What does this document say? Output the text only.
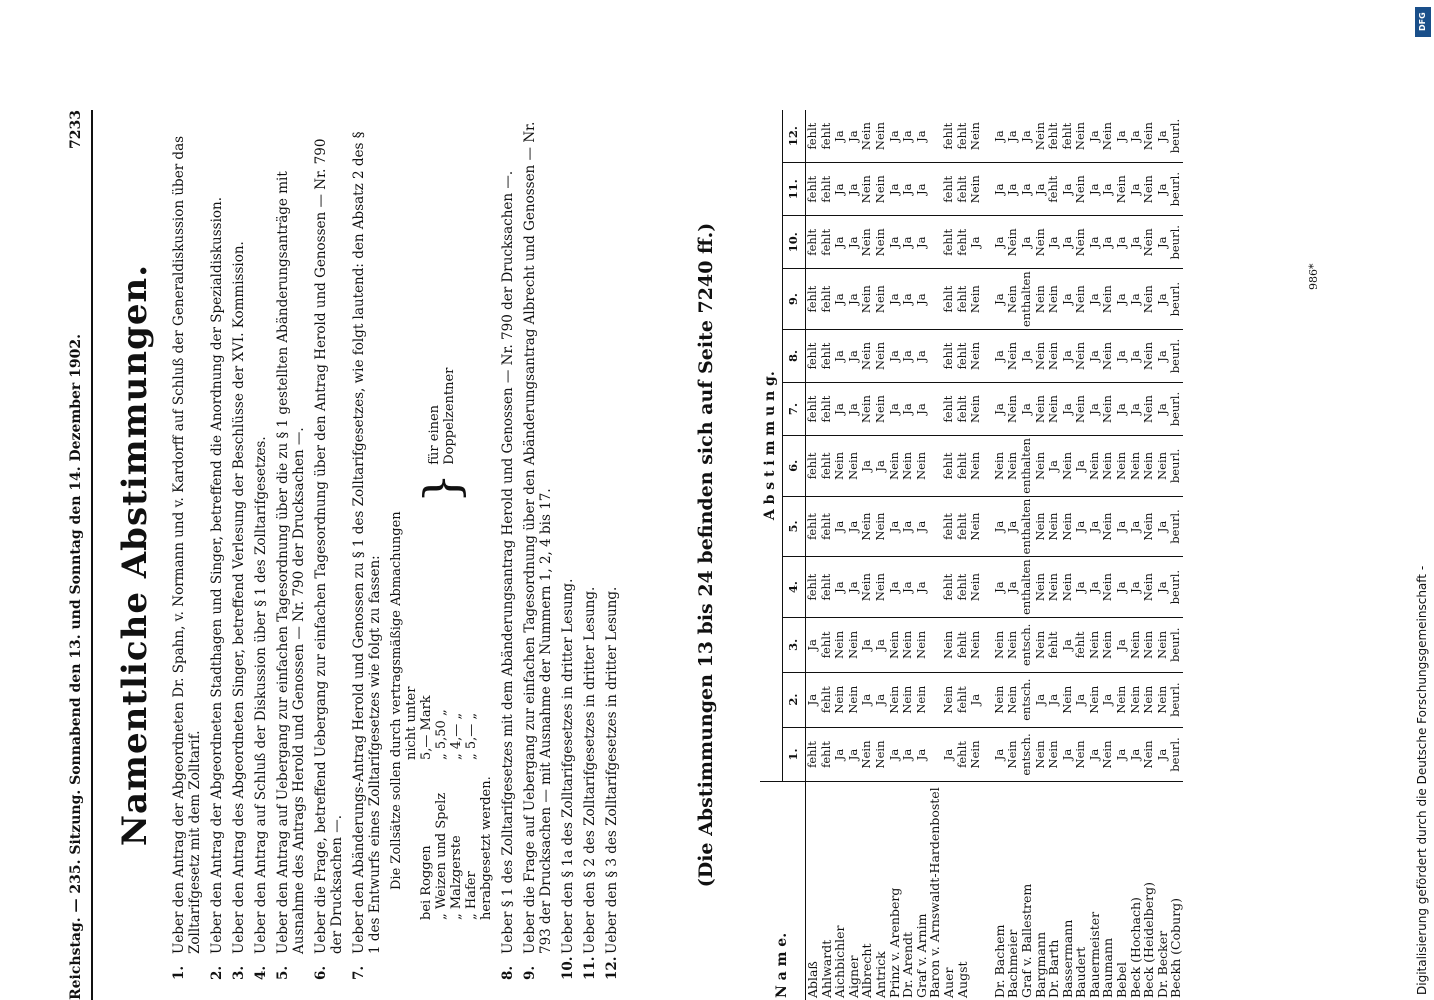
Reichstag. — 235. Sitzung. Sonnabend den 13. und Sonntag den 14. Dezember 1902.
7233
Namentliche Abstimmungen.
1.
Ueber den Antrag der Abgeordneten Dr. Spahn, v. Normann und v. Kardorff auf Schluß der Generaldiskussion über das Zolltarifgesetz mit dem Zolltarif.
2.
Ueber den Antrag der Abgeordneten Stadthagen und Singer, betreffend die Anordnung der Spezialdiskussion.
3.
Ueber den Antrag des Abgeordneten Singer, betreffend Verlesung der Beschlüsse der XVI. Kommission.
4.
Ueber den Antrag auf Schluß der Diskussion über § 1 des Zolltarifgesetzes.
5.
Ueber den Antrag auf Uebergang zur einfachen Tagesordnung über die zu § 1 gestellten Abänderungsanträge mit Ausnahme des Antrags Herold und Genossen — Nr. 790 der Drucksachen —.
6.
Ueber die Frage, betreffend Uebergang zur einfachen Tagesordnung über den Antrag Herold und Genossen — Nr. 790 der Drucksachen —.
7.
Ueber den Abänderungs-Antrag Herold und Genossen zu § 1 des Zolltarifgesetzes, wie folgt lautend: den Absatz 2 des § 1 des Entwurfs eines Zolltarifgesetzes wie folgt zu fassen: Die Zollsätze sollen durch vertragsmäßige Abmachungen nicht unter
bei Roggen
5,— Mark
„ Weizen und Spelz
„ 5,50 „
„ Malzgerste
„ 4,— „
„ Hafer
„ 5,— „
herabgesetzt werden.
}
für einen Doppelzentner
8.
Ueber § 1 des Zolltarifgesetzes mit dem Abänderungsantrag Herold und Genossen — Nr. 790 der Drucksachen —.
9.
Ueber die Frage auf Uebergang zur einfachen Tagesordnung über den Abänderungsantrag Albrecht und Genossen — Nr. 793 der Drucksachen — mit Ausnahme der Nummern 1, 2, 4 bis 17.
10.
Ueber den § 1a des Zolltarifgesetzes in dritter Lesung.
11.
Ueber den § 2 des Zolltarifgesetzes in dritter Lesung.
12.
Ueber den § 3 des Zolltarifgesetzes in dritter Lesung.	(Die Abstimmungen 13 bis 24 befinden sich auf Seite 7240 ff.)
N a m e.	A b s t i m m u n g.											
	1.	2.	3.	4.	5.	6.	7.	8.	9.	10.	11.	12.
Ablaß	fehlt	Ja	Ja	fehlt	fehlt	fehlt	fehlt	fehlt	fehlt	fehlt	fehlt	fehlt
Ahlwardt	fehlt	fehlt	fehlt	fehlt	fehlt	fehlt	fehlt	fehlt	fehlt	fehlt	fehlt	fehlt
Aichbichler	Ja	Nein	Nein	Ja	Ja	Nein	Ja	Ja	Ja	Ja	Ja	Ja
Aigner	Ja	Nein	Nein	Ja	Ja	Nein	Ja	Ja	Ja	Ja	Ja	Ja
Albrecht	Nein	Ja	Ja	Nein	Nein	Ja	Nein	Nein	Nein	Nein	Nein	Nein
Antrick	Nein	Ja	Ja	Nein	Nein	Ja	Nein	Nein	Nein	Nein	Nein	Nein
Prinz v. Arenberg	Ja	Nein	Nein	Ja	Ja	Nein	Ja	Ja	Ja	Ja	Ja	Ja
Dr. Arendt	Ja	Nein	Nein	Ja	Ja	Nein	Ja	Ja	Ja	Ja	Ja	Ja
Graf v. Arnim	Ja	Nein	Nein	Ja	Ja	Nein	Ja	Ja	Ja	Ja	Ja	Ja
Baron v. Arnswaldt-Hardenbostel												
Auer	Ja	Nein	Nein	fehlt	fehlt	fehlt	fehlt	fehlt	fehlt	fehlt	fehlt	fehlt
Augst	fehlt	fehlt	fehlt	fehlt	fehlt	fehlt	fehlt	fehlt	fehlt	fehlt	fehlt	fehlt
	Nein	Ja	Nein	Nein	Nein	Nein	Nein	Nein	Nein	Ja	Nein	Nein

Dr. Bachem	Ja	Nein	Nein	Ja	Ja	Nein	Ja	Ja	Ja	Ja	Ja	Ja
Bachmeier	Nein	Nein	Nein	Ja	Ja	Nein	Nein	Nein	Nein	Nein	Ja	Ja
Graf v. Ballestrem	entsch.	entsch.	entsch.	enthalten	enthalten	enthalten	Ja	Ja	enthalten	Ja	Ja	Ja
Bargmann	Nein	Ja	Nein	Nein	Nein	Nein	Nein	Nein	Nein	Nein	Ja	Nein
Dr. Barth	Nein	Ja	fehlt	Nein	Nein	Ja	Nein	Nein	Nein	Ja	fehlt	fehlt
Bassermann	Ja	Nein	Ja	Nein	Nein	Nein	Ja	Ja	Ja	Ja	Ja	fehlt
Baudert	Nein	Ja	fehlt	Ja	Ja	Ja	Nein	Nein	Nein	Nein	Nein	Nein
Bauermeister	Ja	Nein	Nein	Ja	Ja	Nein	Ja	Ja	Ja	Ja	Ja	Ja
Baumann	Nein	Ja	Nein	Nein	Nein	Nein	Nein	Nein	Nein	Ja	Ja	Nein
Bebel	Ja	Nein	Ja	Ja	Ja	Nein	Ja	Ja	Ja	Ja	Nein	Ja
Beck (Hochach)	Ja	Nein	Nein	Ja	Ja	Nein	Ja	Ja	Ja	Ja	Ja	Ja
Beck (Heidelberg)	Nein	Nein	Nein	Nein	Nein	Nein	Nein	Nein	Nein	Nein	Nein	Nein
Dr. Becker	Ja	Nein	Nein	Ja	Ja	Nein	Ja	Ja	Ja	Ja	Ja	Ja
Beckh (Coburg)	beurl.	beurl.	beurl.	beurl.	beurl.	beurl.	beurl.	beurl.	beurl.	beurl.	beurl.	beurl.
986*
Digitalisierung gefördert durch die Deutsche Forschungsgemeinschaft -
DFG
